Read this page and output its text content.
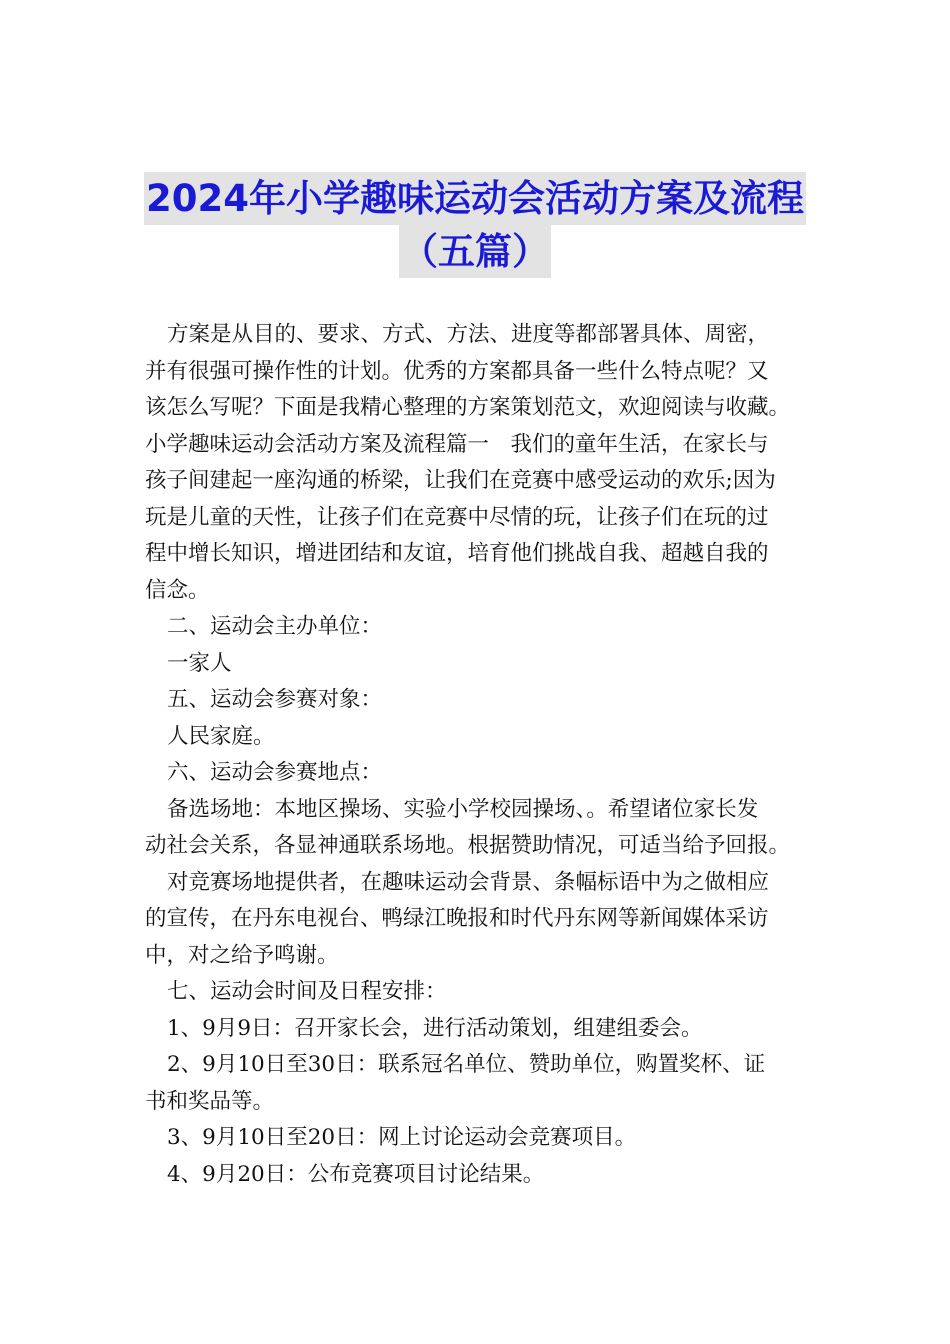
2024年小学趣味运动会活动方案及流程
（五篇）
方案是从目的、要求、方式、方法、进度等都部署具体、周密，
并有很强可操作性的计划。优秀的方案都具备一些什么特点呢？又
该怎么写呢？下面是我精心整理的方案策划范文，欢迎阅读与收藏。
小学趣味运动会活动方案及流程篇一　我们的童年生活，在家长与
孩子间建起一座沟通的桥梁，让我们在竞赛中感受运动的欢乐;因为
玩是儿童的天性，让孩子们在竞赛中尽情的玩，让孩子们在玩的过
程中增长知识，增进团结和友谊，培育他们挑战自我、超越自我的
信念。
二、运动会主办单位：
一家人
五、运动会参赛对象：
人民家庭。
六、运动会参赛地点：
备选场地：本地区操场、实验小学校园操场、。希望诸位家长发
动社会关系，各显神通联系场地。根据赞助情况，可适当给予回报。
对竞赛场地提供者，在趣味运动会背景、条幅标语中为之做相应
的宣传，在丹东电视台、鸭绿江晚报和时代丹东网等新闻媒体采访
中，对之给予鸣谢。
七、运动会时间及日程安排：
1、9月9日：召开家长会，进行活动策划，组建组委会。
2、9月10日至30日：联系冠名单位、赞助单位，购置奖杯、证
书和奖品等。
3、9月10日至20日：网上讨论运动会竞赛项目。
4、9月20日：公布竞赛项目讨论结果。
